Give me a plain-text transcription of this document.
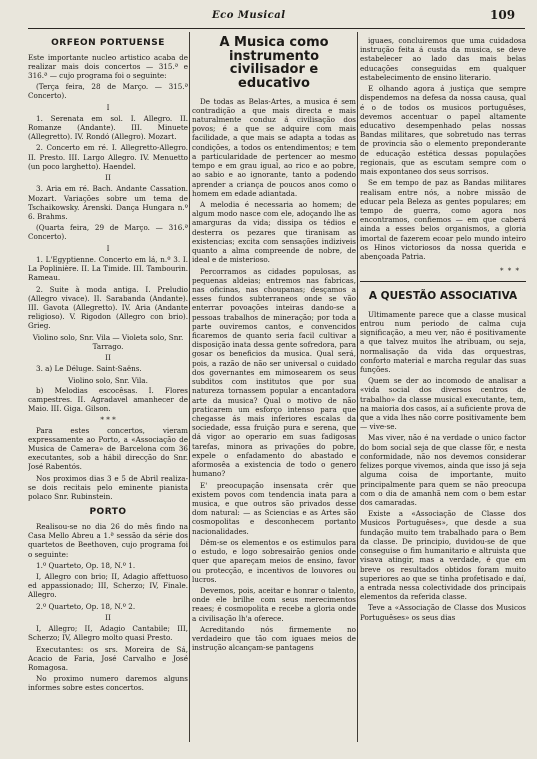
Eco Musical	109
ORFEON PORTUENSE
Este importante nucleo artistico acaba de realizar mais dois concertos — 315.ª e 316.ª — cujo programa foi o seguinte:
(Terça feira, 28 de Março. — 315.ª Concerto).
I
1. Serenata em sol. I. Allegro. II. Romanze (Andante). III. Minuete (Allegretto). IV. Rondó (Allegro). Mozart.
2. Concerto em ré. I. Allegretto-Allegro. II. Presto. III. Largo Allegro. IV. Menuetto (un poco larghetto). Haendel.
II
3. Aria em ré. Bach. Andante Cassation. Mozart. Variações sobre um tema de Tschaikowsky. Arenski. Dança Hungara n.º 6. Brahms.
(Quarta feira, 29 de Março. — 316.ª Concerto).
I
1. L'Egyptienne. Concerto em lá, n.º 3. I. La Poplinière. II. La Timide. III. Tambourin. Rameau.
2. Suite à moda antiga. I. Preludio (Allegro vivace). II. Sarabanda (Andante). III. Gavota (Allegretto). IV. Aria (Andante religioso). V. Rigodon (Allegro con brio). Grieg.
Violino solo, Snr. Vila — Violeta solo, Snr. Tarrago.
II
3. a) Le Déluge. Saint-Saëns.
Violino solo, Snr. Vila.
b) Melodias escocêsas. I. Flores campestres. II. Agradavel amanhecer de Maio. III. Giga. Gilson.
* * *
Para estes concertos, vieram expressamente ao Porto, a «Associação de Musica de Camera» de Barcelona com 36 executantes, sob a hábil direcção do Snr. José Rabentós.
Nos proximos dias 3 e 5 de Abril realiza-se dois recitais pelo eminente pianista polaco Snr. Rubinstein.
PORTO
Realisou-se no dia 26 do mês findo na Casa Mello Abreu a 1.ª sessão da série dos quartetos de Beethoven, cujo programa foi o seguinte:
1.º Quarteto, Op. 18, N.º 1.
I, Allegro con brio; II, Adagio affettuoso ed appassionado; III, Scherzo; IV, Finale. Allegro.
2.º Quarteto, Op. 18, N.º 2.
II
I, Allegro; II, Adagio Cantabile; III, Scherzo; IV, Allegro molto quasi Presto.
Executantes: os srs. Moreira de Sá, Acacio de Faria, José Carvalho e José Romagosa.
No proximo numero daremos alguns informes sobre estes concertos.
A Musica como instrumento civilisador e educativo
De todas as Belas-Artes, a musica é sem contradição a que mais directa e mais naturalmente conduz á civilisação dos povos; é a que se adquire com mais facilidade, a que mais se adapta a todas as condições, a todos os entendimentos; e tem a particularidade de pertencer ao mesmo tempo e em grau igual, ao rico e ao pobre, ao sabio e ao ignorante, tanto a podendo aprender a criança de poucos anos como o homem em edade adiantada.
A melodia é necessaria ao homem; de algum modo nasce com ele, adoçando lhe as amarguras da vida; dissipa os tédios e desterra os pezares que tiranisam as existencias; excita com sensações indiziveis quanto a alma compreende de nobre, de ideal e de misterioso.
Percorramos as cidades populosas, as pequenas aldeias; entremos nas fabricas, nas oficinas, nas choupanas; desçamos a esses fundos subterraneos onde se vão enterrar povoações inteiras dando-se a pessoas trabalhos de mineração; por toda a parte ouviremos cantos, e convencidos ficaremos de quanto seria facil cultivar a disposição inata dessa gente sofredora, para gosar os beneficios da musica. Qual será, pois, a razão de não ser universal o cuidado dos governantes em mimosearem os seus subditos com institutos que por sua natureza tornassem popular a encantadora arte da musica? Qual o motivo de não praticarem um esforço intenso para que chegasse ás mais inferiores escalas da sociedade, essa fruição pura e serena, que dá vigor ao operario em suas fadigosas tarefas, minora as privações do pobre, expele o enfadamento do abastado e aformosêa a existencia de todo o genero humano?
E' preocupação insensata crêr que existem povos com tendencia inata para a musica, e que outros são privados desse dom natural: — as Sciencias e as Artes são cosmopolitas e desconhecem portanto nacionalidades.
Dêm-se os elementos e os estimulos para o estudo, e logo sobresairão genios onde quer que apareçam meios de ensino, favor ou protecção, e incentivos de louvores ou lucros.
Devemos, pois, aceitar e honrar o talento, onde ele brilhe com seus merecimentos reaes; é cosmopolita e recebe a gloria onde a civilisação lh'a oferece.
Acreditando nós firmemente no verdadeiro que tão com iguaes meios de instrução alcançam-se pantagens
iguaes, concluiremos que uma cuidadosa instrução feita á custa da musica, se deve estabelecer ao lado das mais belas educações conseguidas em qualquer estabelecimento de ensino literario.
E olhando agora á justiça que sempre dispendemos na defesa da nossa causa, qual é o de todos os musicos portuguêses, devemos accentuar o papel altamente educativo desempenhado pelas nossas Bandas militares, que sobretudo nas terras de provincia são o elemento preponderante de educação estética dessas populações regionais, que as escutam sempre com o mais expontaneo dos seus sorrisos.
Se em tempo de paz as Bandas militares realisam entre nós, a nobre missão de educar pela Beleza as gentes populares; em tempo de guerra, como agora nos encontramos, confiemos — em que caberá ainda a esses belos organismos, a gloria imortal de fazerem ecoar pelo mundo inteiro os Hinos victoriosos da nossa querida e abençoada Patria.
* * *
A QUESTÃO ASSOCIATIVA
Ultimamente parece que a classe musical entrou num periodo de calma cuja significação, a meu ver, não é positivamente a que talvez muitos lhe atribuam, ou seja, normalisação da vida das orquestras, conforto material e marcha regular das suas funções.
Quem se der ao incomodo de analisar a «vida social dos diversos centros de trabalho» da classe musical executante, tem, na maioria dos casos, aí a suficiente prova de que a vida lhes não corre positivamente bem — vive-se.
Mas viver, não é na verdade o unico factor do bom social seja de que classe fôr, e nesta conformidade, não nos devemos considerar felizes porque vivemos, ainda que isso já seja alguma coisa de importante, muito principalmente para quem se não preocupa com o dia de amanhã nem com o bem estar dos camaradas.
Existe a «Associação de Classe dos Musicos Portuguêses», que desde a sua fundação muito tem trabalhado para o Bem da classe. De principio, duvidou-se de que conseguise o fim humanitario e altruista que visava atingir, mas a verdade, é que em breve os resultados obtidos foram muito superiores ao que se tinha profetisado e daí, a entrada nessa colectividade dos principais elementos da referida classe.
Teve a «Associação de Classe dos Musicos Portuguêses» os seus dias
